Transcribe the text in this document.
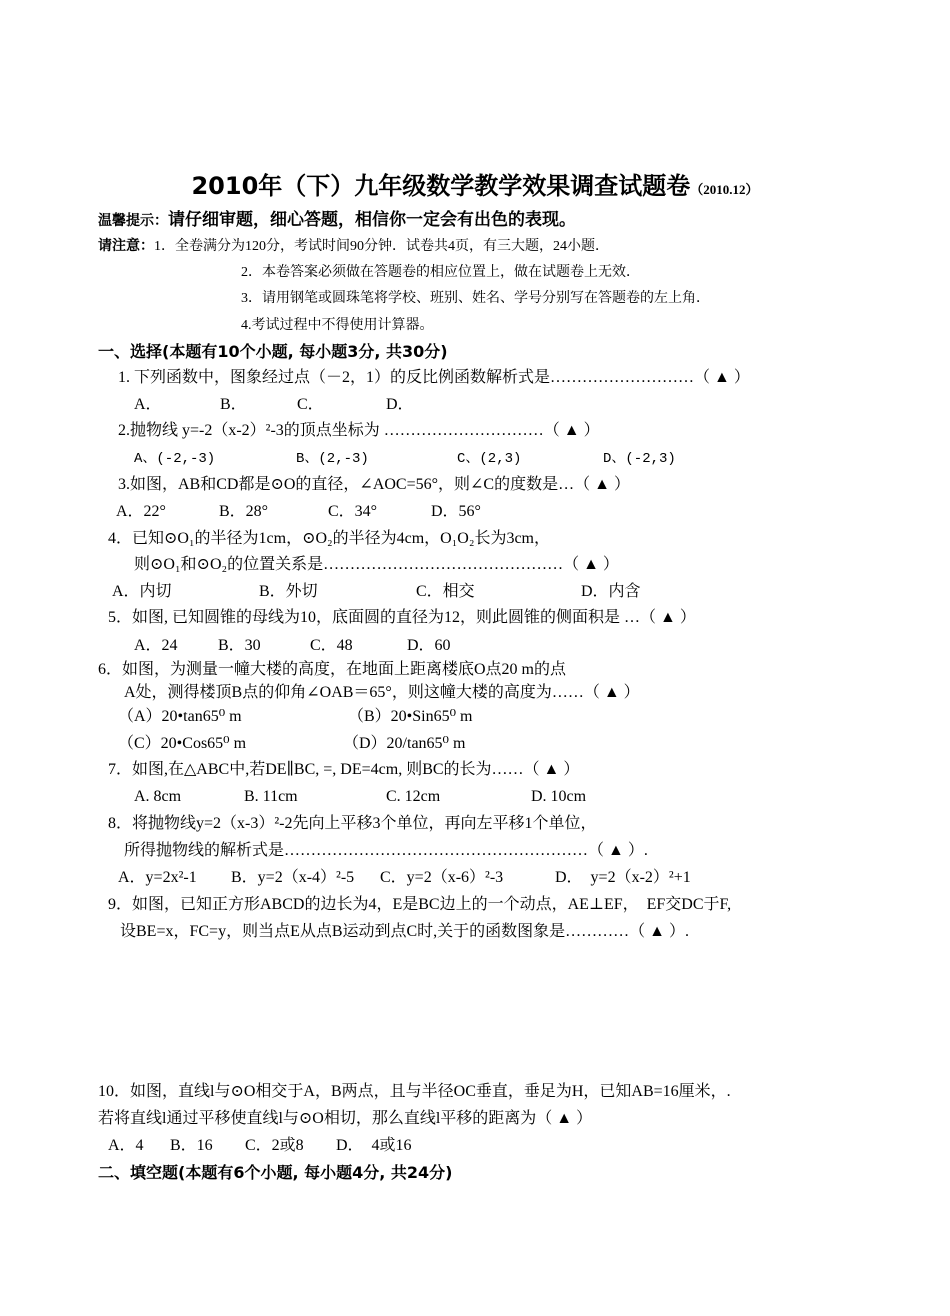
2010年（下）九年级数学教学效果调查试题卷（2010.12）
温馨提示：请仔细审题，细心答题，相信你一定会有出色的表现。
请注意：1．全卷满分为120分，考试时间90分钟．试卷共4页，有三大题，24小题．
2．本卷答案必须做在答题卷的相应位置上，做在试题卷上无效．
3．请用钢笔或圆珠笔将学校、班别、姓名、学号分别写在答题卷的左上角．
4.考试过程中不得使用计算器。
一、选择(本题有10个小题, 每小题3分, 共30分)
1. 下列函数中，图象经过点（－2，1）的反比例函数解析式是………………………（ ▲ ）
A．	B．	C．	D．
2.抛物线 y=-2（x-2）²-3的顶点坐标为 …………………………（ ▲ ）
A、(-2,-3)	B、(2,-3)	C、(2,3)	D、(-2,3)
3.如图，AB和CD都是⊙O的直径，∠AOC=56°，则∠C的度数是…（ ▲ ）
A．22°	B．28°	C．34°	D．56°
4．已知⊙O₁的半径为1cm，⊙O₂的半径为4cm，O₁O₂长为3cm，
则⊙O₁和⊙O₂的位置关系是………………………………………（ ▲ ）
A．内切	B．外切	C．相交	D．内含
5．如图, 已知圆锥的母线为10，底面圆的直径为12，则此圆锥的侧面积是 …（ ▲ ）
A．24	B．30	C．48	D．60
6．如图，为测量一幢大楼的高度，在地面上距离楼底O点20 m的点
A处，测得楼顶B点的仰角∠OAB＝65°，则这幢大楼的高度为……（ ▲ ）
（A）20•tan65⁰ m	（B）20•Sin65⁰ m
（C）20•Cos65⁰ m	（D）20/tan65⁰ m
7．如图,在△ABC中,若DE∥BC, =, DE=4cm, 则BC的长为……（ ▲ ）
A. 8cm	B. 11cm	C. 12cm	D. 10cm
8．将抛物线y=2（x-3）²-2先向上平移3个单位，再向左平移1个单位，
所得抛物线的解析式是…………………………………………………（ ▲ ）.
A．y=2x²-1 B．y=2（x-4）²-5 C．y=2（x-6）²-3	D．  y=2（x-2）²+1
9．如图，已知正方形ABCD的边长为4，E是BC边上的一个动点，AE⊥EF，  EF交DC于F,
设BE=x，FC=y，则当点E从点B运动到点C时,关于的函数图象是…………（ ▲ ）.
10．如图，直线l与⊙O相交于A，B两点，且与半径OC垂直，垂足为H，已知AB=16厘米，.
若将直线l通过平移使直线l与⊙O相切，那么直线l平移的距离为（ ▲ ）
A．4 B．16 C．2或8 D．  4或16
二、填空题(本题有6个小题, 每小题4分, 共24分)
